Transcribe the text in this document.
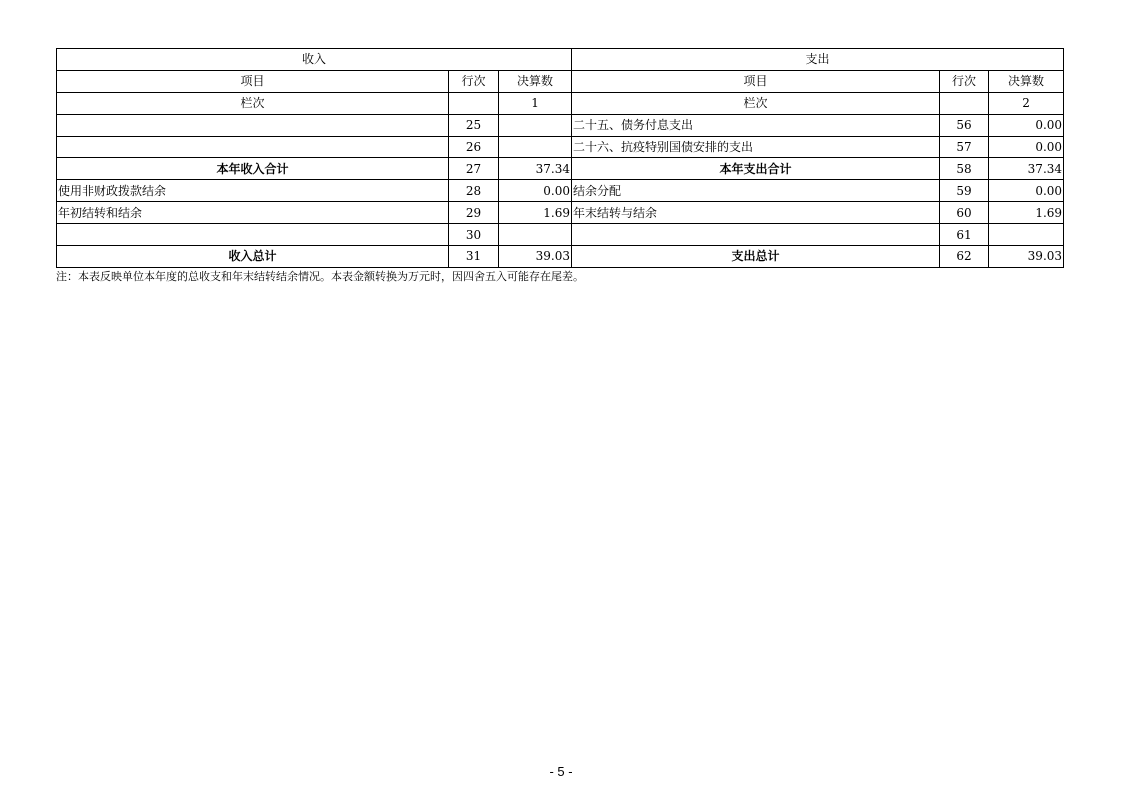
收入			支出		
项目	行次	决算数	项目	行次	决算数
栏次		1	栏次		2
	25		二十五、债务付息支出	56	0.00
	26		二十六、抗疫特别国债安排的支出	57	0.00
本年收入合计	27	37.34	本年支出合计	58	37.34
使用非财政拨款结余	28	0.00	结余分配	59	0.00
年初结转和结余	29	1.69	年末结转与结余	60	1.69
	30			61	
收入总计	31	39.03	支出总计	62	39.03
注：本表反映单位本年度的总收支和年末结转结余情况。本表金额转换为万元时，因四舍五入可能存在尾差。
- 5 -
